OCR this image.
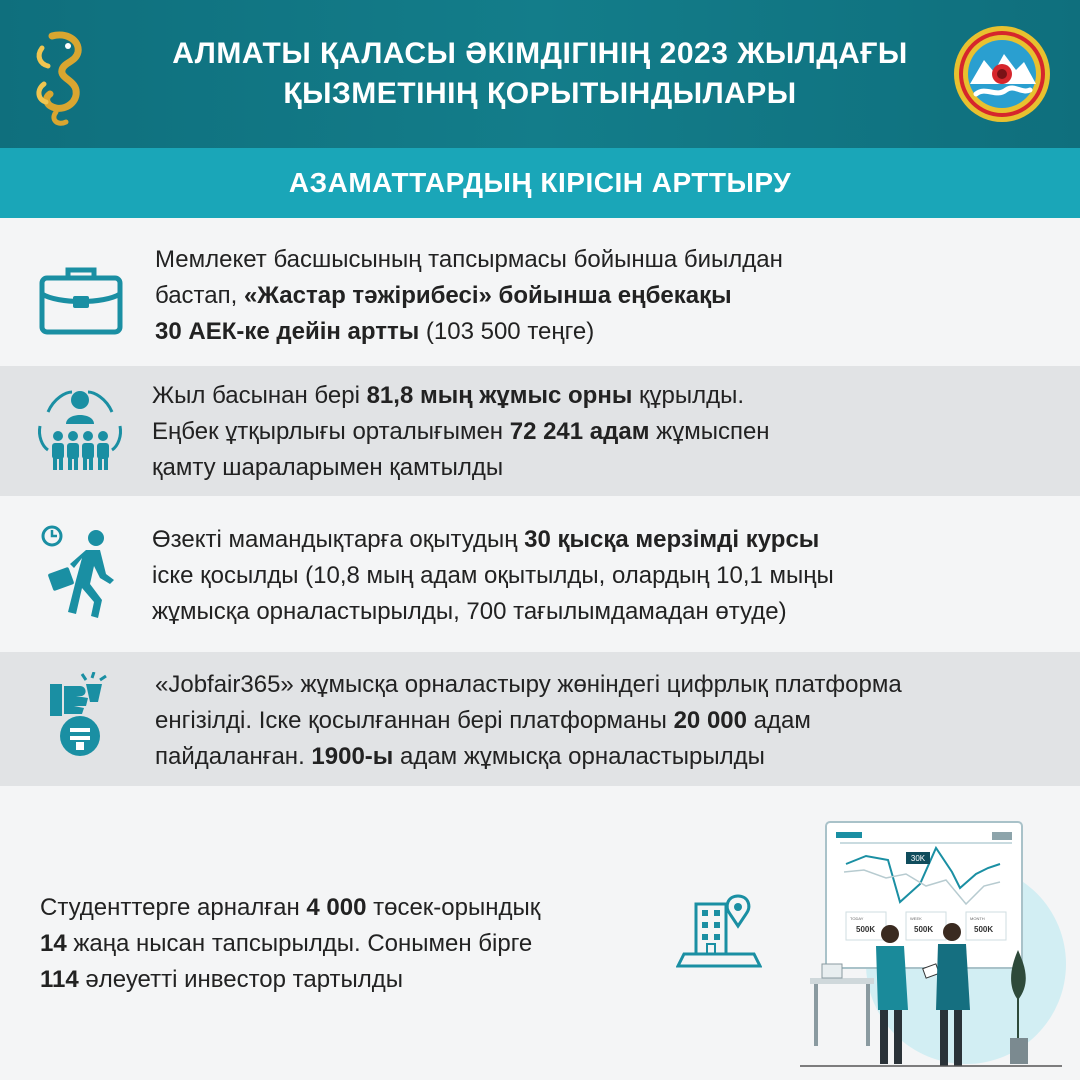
АЛМАТЫ ҚАЛАСЫ ӘКІМДІГІНІҢ 2023 ЖЫЛДАҒЫ
ҚЫЗМЕТІНІҢ ҚОРЫТЫНДЫЛАРЫ
АЗАМАТТАРДЫҢ КІРІСІН АРТТЫРУ
Мемлекет басшысының тапсырмасы бойынша биылдан
бастап, «Жастар тәжірибесі» бойынша еңбекақы
30 АЕК-ке дейін артты (103 500 теңге)
Жыл басынан бері 81,8 мың жұмыс орны құрылды.
Еңбек ұтқырлығы орталығымен 72 241 адам жұмыспен
қамту шараларымен қамтылды
Өзекті мамандықтарға оқытудың 30 қысқа мерзімді курсы
іске қосылды (10,8 мың адам оқытылды, олардың 10,1 мыңы
жұмысқа орналастырылды, 700 тағылымдамадан өтуде)
«Jobfair365» жұмысқа орналастыру жөніндегі цифрлық платформа
енгізілді. Іске қосылғаннан бері платформаны 20 000 адам
пайдаланған. 1900-ы адам жұмысқа орналастырылды
Студенттерге арналған 4 000 төсек-орындық
14 жаңа нысан тапсырылды. Сонымен бірге
114 әлеуетті инвестор тартылды
30K
TODAY
500K
WEEK
500K
MONTH
500K
